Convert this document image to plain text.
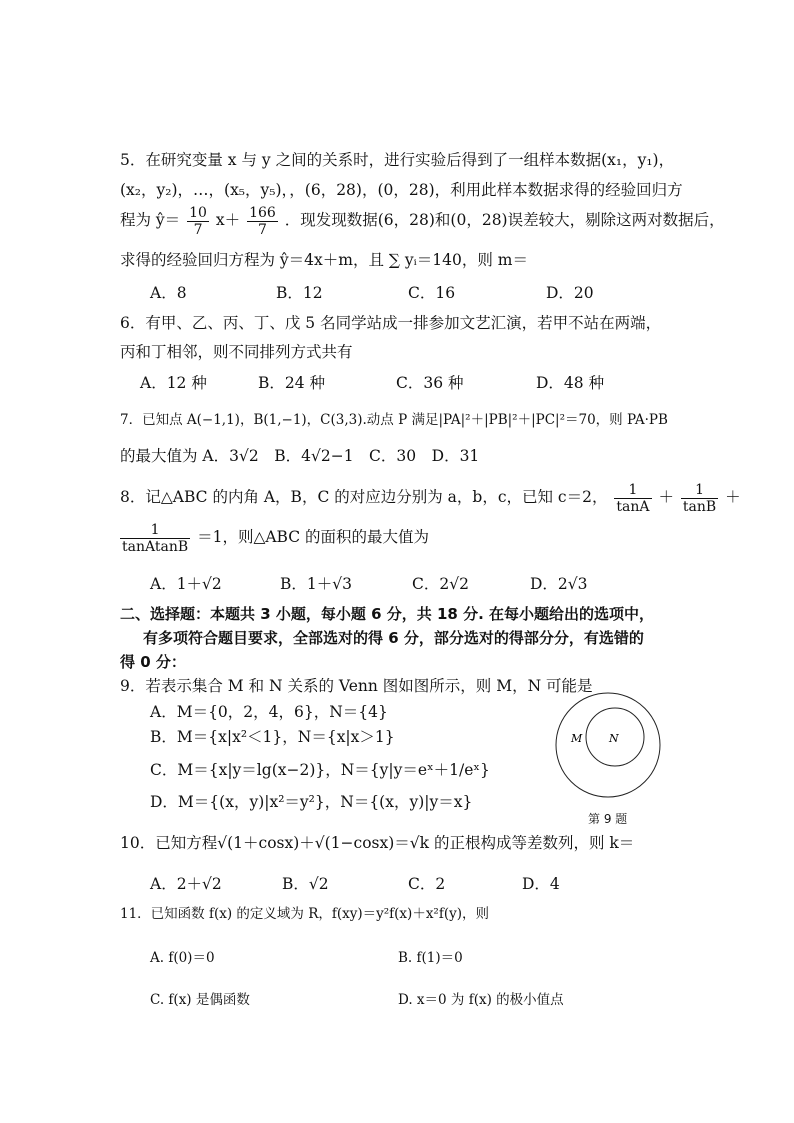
5．在研究变量 x 与 y 之间的关系时，进行实验后得到了一组样本数据(x₁，y₁)，
(x₂，y₂)，…，(x₅，y₅)，，(6，28)，(0，28)，利用此样本数据求得的经验回归方
程为 ŷ＝ $\frac{10}{7} x+ \frac{166}{7}$ ．现发现数据(6，28)和(0，28)误差较大，剔除这两对数据后，
求得的经验回归方程为 ŷ＝4x＋m，且 ∑ yᵢ＝140，则 m＝
A．8	B．12	C．16	D．20
6．有甲、乙、丙、丁、戊 5 名同学站成一排参加文艺汇演，若甲不站在两端，
丙和丁相邻，则不同排列方式共有
A．12 种	B．24 种	C．36 种	D．48 种
7．已知点 A(−1,1)，B(1,−1)，C(3,3).动点 P 满足|PA|²＋|PB|²＋|PC|²＝70，则 PA·PB
的最大值为 A．3√2　B．4√2−1　C．30　D．31
8．记△ABC 的内角 A，B，C 的对应边分别为 a，b，c，已知 c＝2， $\frac{1}{\tan A} + \frac{1}{\tan B}$ ＋
$\frac{1}{\text{tanAtanB}} =1$，则△ABC 的面积的最大值为
A．1＋√2	B．1＋√3	C．2√2	D．2√3
二、选择题：本题共 3 小题，每小题 6 分，共 18 分. 在每小题给出的选项中，
有多项符合题目要求，全部选对的得 6 分，部分选对的得部分分，有选错的
得 0 分：
9．若表示集合 M 和 N 关系的 Venn 图如图所示，则 M，N 可能是
A．M＝{0，2，4，6}，N＝{4}
B．M＝{x|x²＜1}，N＝{x|x＞1}
C．M＝{x|y＝lg(x−2)}，N＝{y|y＝eˣ＋1/eˣ}
D．M＝{(x，y)|x²＝y²}，N＝{(x，y)|y＝x}
M N
第 9 题
10．已知方程√(1＋cosx)＋√(1−cosx)＝√k 的正根构成等差数列，则 k＝
A．2＋√2	B．√2	C．2	D．4
11．已知函数 f(x) 的定义域为 R，f(xy)＝y²f(x)＋x²f(y)，则
A. f(0)＝0	B. f(1)＝0
C. f(x) 是偶函数	D. x＝0 为 f(x) 的极小值点
